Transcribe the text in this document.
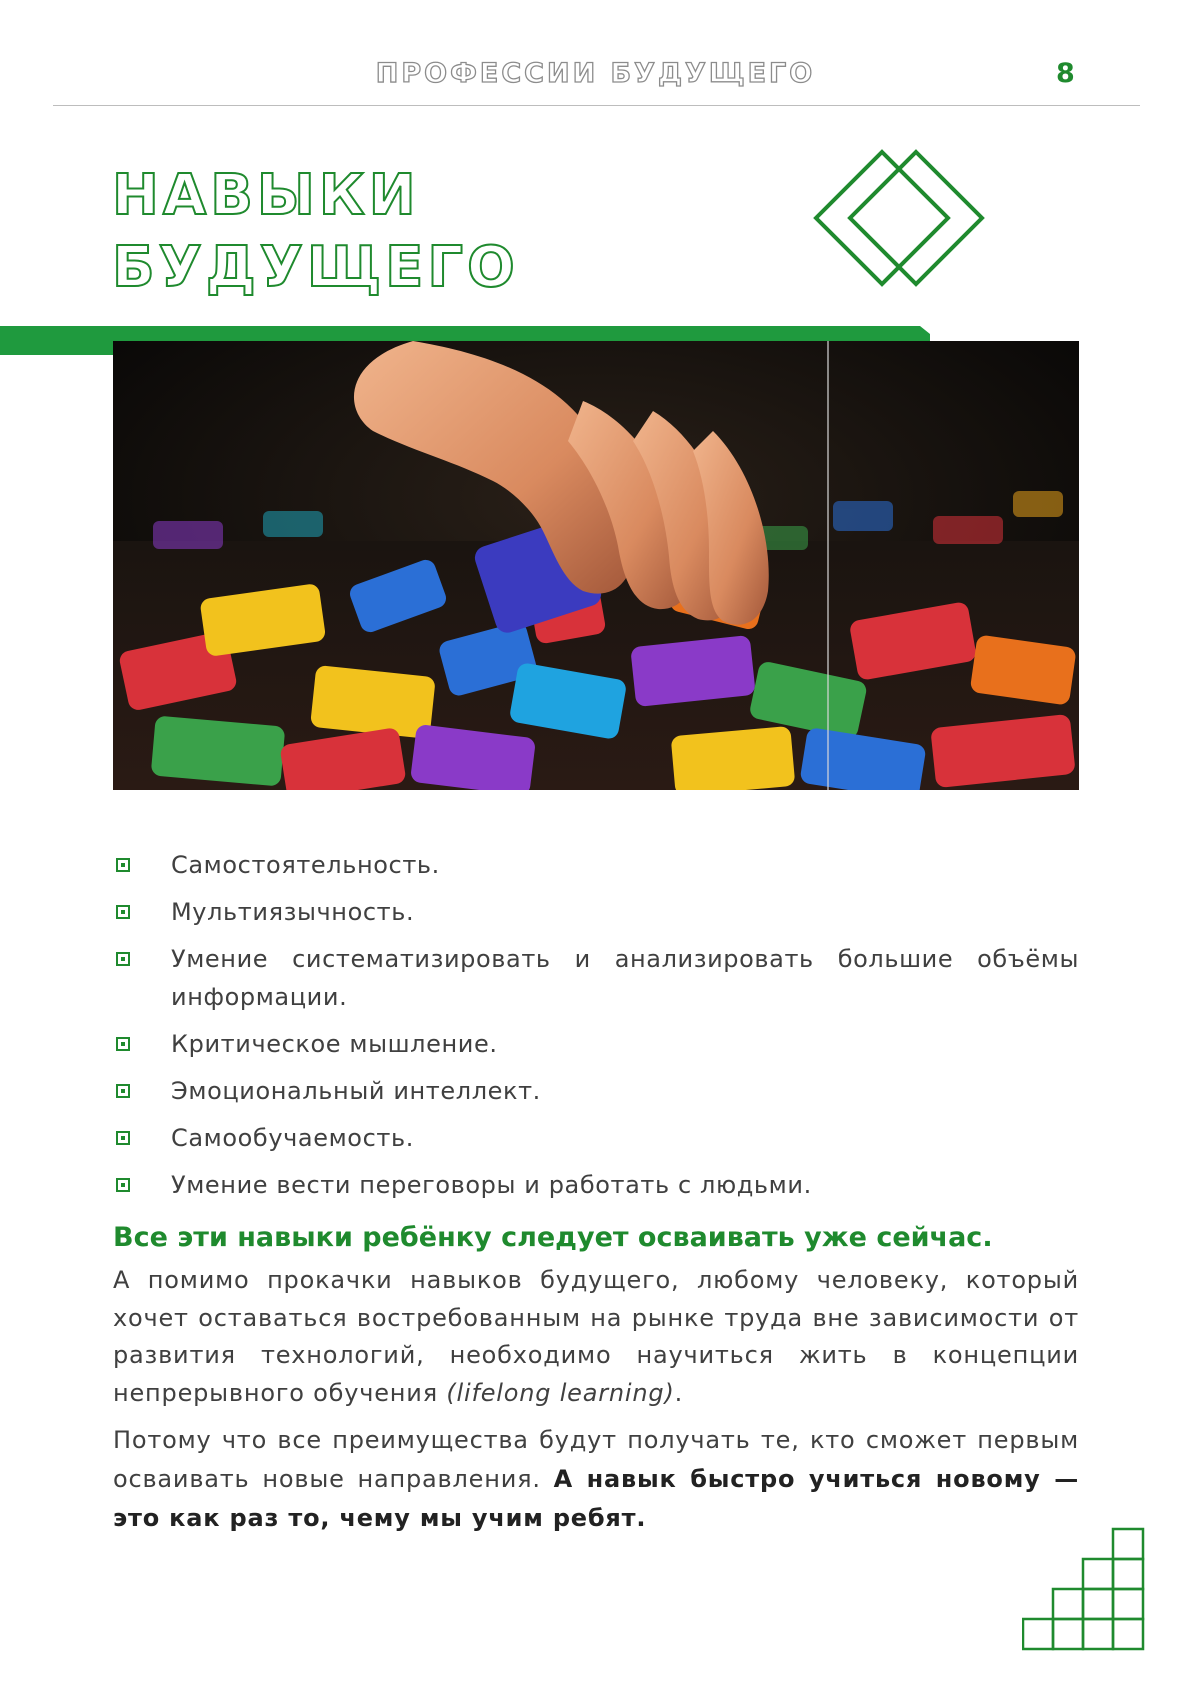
ПРОФЕССИИ БУДУЩЕГО	8
НАВЫКИ
БУДУЩЕГО
Самостоятельность.
Мультиязычность.
Умение систематизировать и анализировать большие объёмы информации.
Критическое мышление.
Эмоциональный интеллект.
Самообучаемость.
Умение вести переговоры и работать с людьми.

Все эти навыки ребёнку следует осваивать уже сейчас.

А помимо прокачки навыков будущего, любому человеку, который хочет оставаться востребованным на рынке труда вне зависимости от развития технологий, необходимо научиться жить в концепции непрерывного обучения (lifelong learning).

Потому что все преимущества будут получать те, кто сможет первым осваивать новые направления. А навык быстро учиться новому — это как раз то, чему мы учим ребят.
